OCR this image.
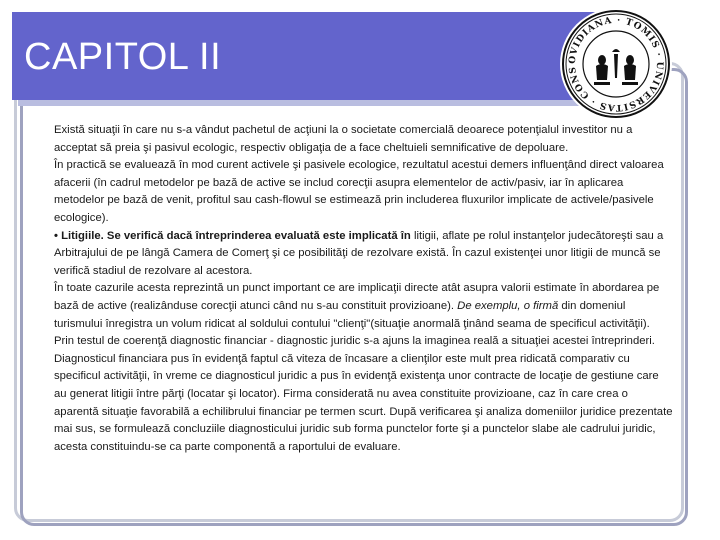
CAPITOL II	OVIDIANA · TOMIS · UNIVERSITAS · CONS

Există situaţii în care nu s-a vândut pachetul de acţiuni la o societate comercială deoarece potenţialul investitor nu a acceptat să preia şi pasivul ecologic, respectiv obligaţia de a face cheltuieli semnificative de depoluare.

În practică se evaluează în mod curent activele şi pasivele ecologice, rezultatul acestui demers influenţând direct valoarea afacerii (în cadrul metodelor pe bază de active se includ corecţii asupra elementelor de activ/pasiv, iar în aplicarea metodelor pe bază de venit, profitul sau cash-flowul se estimează prin includerea fluxurilor implicate de activele/pasivele ecologice).

• Litigiile. Se verifică dacă întreprinderea evaluată este implicată în litigii, aflate pe rolul instanţelor judecătoreşti sau a Arbitrajului de pe lângă Camera de Comerţ şi ce posibilităţi de rezolvare există. În cazul existenţei unor litigii de muncă se verifică stadiul de rezolvare al acestora.

În toate cazurile acesta reprezintă un punct important ce are implicaţii directe atât asupra valorii estimate în abordarea pe bază de active (realizânduse corecţii atunci când nu s-au constituit provizioane). De exemplu, o firmă din domeniul turismului înregistra un volum ridicat al soldului contului "clienţi"(situaţie anormală ţinând seama de specificul activităţii).

Prin testul de coerenţă diagnostic financiar - diagnostic juridic s-a ajuns la imaginea reală a situaţiei acestei întreprinderi. Diagnosticul financiara pus în evidenţă faptul că viteza de încasare a clienţilor este mult prea ridicată comparativ cu specificul activităţii, în vreme ce diagnosticul juridic a pus în evidenţă existenţa unor contracte de locaţie de gestiune care au generat litigii între părţi (locatar şi locator). Firma considerată nu avea constituite provizioane, caz în care crea o aparentă situaţie favorabilă a echilibrului financiar pe termen scurt. După verificarea şi analiza domeniilor juridice prezentate mai sus, se formulează concluziile diagnosticului juridic sub forma punctelor forte şi a punctelor slabe ale cadrului juridic, acesta constituindu-se ca parte componentă a raportului de evaluare.
